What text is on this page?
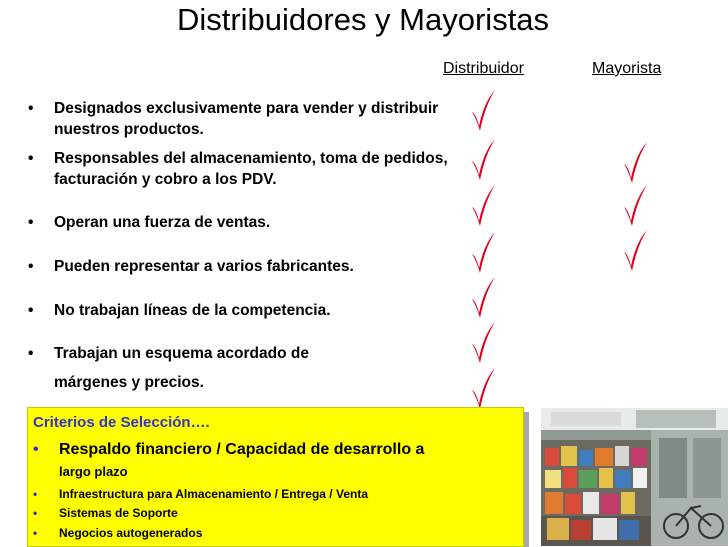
Distribuidores y Mayoristas
Distribuidor	Mayorista
• Designados exclusivamente para vender y distribuir nuestros productos.
• Responsables del almacenamiento, toma de pedidos, facturación y cobro a los PDV.
• Operan una fuerza de ventas.
• Pueden representar a varios fabricantes.
• No trabajan líneas de la competencia.
• Trabajan un esquema acordado de
márgenes y precios.
Criterios de Selección….
• Respaldo financiero / Capacidad de desarrollo a
largo plazo
• Infraestructura para Almacenamiento / Entrega / Venta
• Sistemas de Soporte
• Negocios autogenerados
